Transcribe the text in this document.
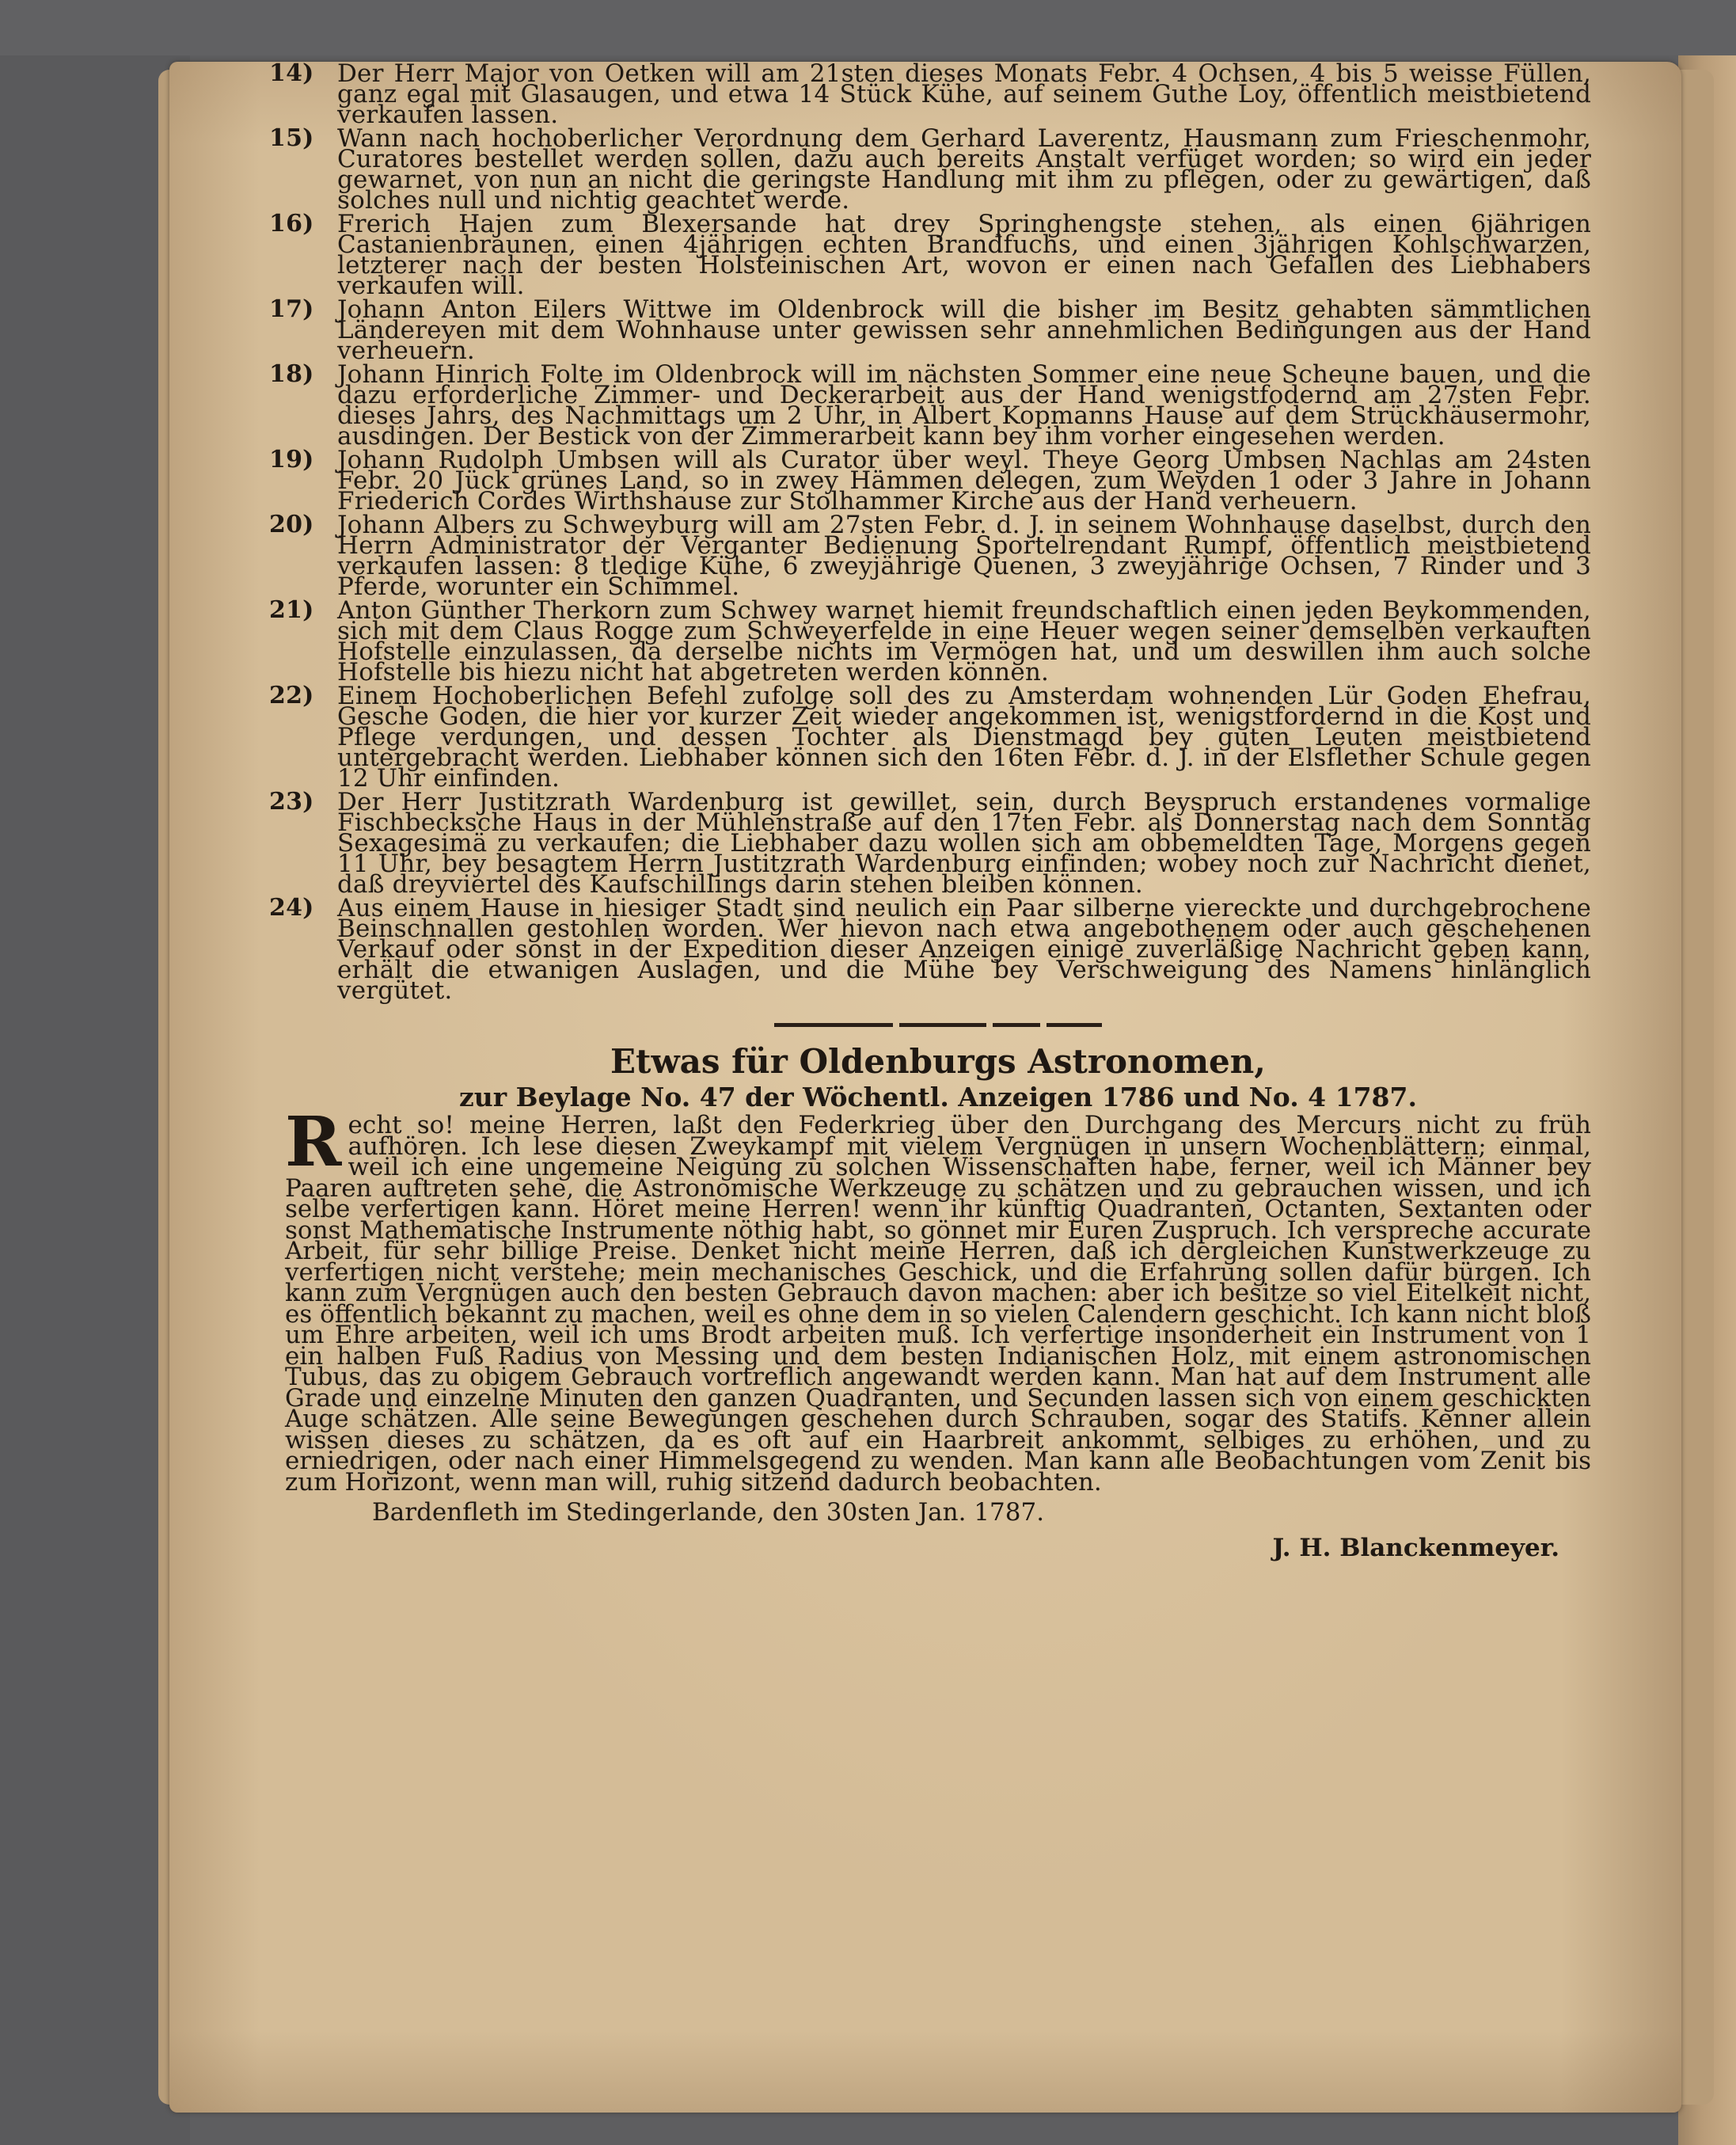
14) Der Herr Major von Oetken will am 21sten dieses Monats Febr. 4 Ochsen, 4 bis 5 weisse Füllen, ganz egal mit Glasaugen, und etwa 14 Stück Kühe, auf seinem Guthe Loy, öffentlich meistbietend verkaufen lassen.
15) Wann nach hochoberlicher Verordnung dem Gerhard Laverentz, Hausmann zum Frieschenmohr, Curatores bestellet werden sollen, dazu auch bereits Anstalt verfüget worden; so wird ein jeder gewarnet, von nun an nicht die geringste Handlung mit ihm zu pflegen, oder zu gewärtigen, daß solches null und nichtig geachtet werde.
16) Frerich Hajen zum Blexersande hat drey Springhengste stehen, als einen 6jährigen Castanienbraunen, einen 4jährigen echten Brandfuchs, und einen 3jährigen Kohlschwarzen, letzterer nach der besten Holsteinischen Art, wovon er einen nach Gefallen des Liebhabers verkaufen will.
17) Johann Anton Eilers Wittwe im Oldenbrock will die bisher im Besitz gehabten sämmtlichen Ländereyen mit dem Wohnhause unter gewissen sehr annehmlichen Bedingungen aus der Hand verheuern.
18) Johann Hinrich Folte im Oldenbrock will im nächsten Sommer eine neue Scheune bauen, und die dazu erforderliche Zimmer- und Deckerarbeit aus der Hand wenigstfodernd am 27sten Febr. dieses Jahrs, des Nachmittags um 2 Uhr, in Albert Kopmanns Hause auf dem Strückhäusermohr, ausdingen. Der Bestick von der Zimmerarbeit kann bey ihm vorher eingesehen werden.
19) Johann Rudolph Umbsen will als Curator über weyl. Theye Georg Umbsen Nachlas am 24sten Febr. 20 Jück grünes Land, so in zwey Hämmen delegen, zum Weyden 1 oder 3 Jahre in Johann Friederich Cordes Wirthshause zur Stolhammer Kirche aus der Hand verheuern.
20) Johann Albers zu Schweyburg will am 27sten Febr. d. J. in seinem Wohnhause daselbst, durch den Herrn Administrator der Verganter Bedienung Sportelrendant Rumpf, öffentlich meistbietend verkaufen lassen: 8 tledige Kühe, 6 zweyjährige Quenen, 3 zweyjährige Ochsen, 7 Rinder und 3 Pferde, worunter ein Schimmel.
21) Anton Günther Therkorn zum Schwey warnet hiemit freundschaftlich einen jeden Beykommenden, sich mit dem Claus Rogge zum Schweyerfelde in eine Heuer wegen seiner demselben verkauften Hofstelle einzulassen, da derselbe nichts im Vermögen hat, und um deswillen ihm auch solche Hofstelle bis hiezu nicht hat abgetreten werden können.
22) Einem Hochoberlichen Befehl zufolge soll des zu Amsterdam wohnenden Lür Goden Ehefrau, Gesche Goden, die hier vor kurzer Zeit wieder angekommen ist, wenigstfordernd in die Kost und Pflege verdungen, und dessen Tochter als Dienstmagd bey guten Leuten meistbietend untergebracht werden. Liebhaber können sich den 16ten Febr. d. J. in der Elsflether Schule gegen 12 Uhr einfinden.
23) Der Herr Justitzrath Wardenburg ist gewillet, sein, durch Beyspruch erstandenes vormalige Fischbecksche Haus in der Mühlenstraße auf den 17ten Febr. als Donnerstag nach dem Sonntag Sexagesimä zu verkaufen; die Liebhaber dazu wollen sich am obbemeldten Tage, Morgens gegen 11 Uhr, bey besagtem Herrn Justitzrath Wardenburg einfinden; wobey noch zur Nachricht dienet, daß dreyviertel des Kaufschillings darin stehen bleiben können.
24) Aus einem Hause in hiesiger Stadt sind neulich ein Paar silberne viereckte und durchgebrochene Beinschnallen gestohlen worden. Wer hievon nach etwa angebothenem oder auch geschehenen Verkauf oder sonst in der Expedition dieser Anzeigen einige zuverläßige Nachricht geben kann, erhält die etwanigen Auslagen, und die Mühe bey Verschweigung des Namens hinlänglich vergütet.
Etwas für Oldenburgs Astronomen,
zur Beylage No. 47 der Wöchentl. Anzeigen 1786 und No. 4 1787.
R echt so! meine Herren, laßt den Federkrieg über den Durchgang des Mercurs nicht zu früh aufhören. Ich lese diesen Zweykampf mit vielem Vergnügen in unsern Wochenblättern; einmal, weil ich eine ungemeine Neigung zu solchen Wissenschaften habe, ferner, weil ich Männer bey Paaren auftreten sehe, die Astronomische Werkzeuge zu schätzen und zu gebrauchen wissen, und ich selbe verfertigen kann. Höret meine Herren! wenn ihr künftig Quadranten, Octanten, Sextanten oder sonst Mathematische Instrumente nöthig habt, so gönnet mir Euren Zuspruch. Ich verspreche accurate Arbeit, für sehr billige Preise. Denket nicht meine Herren, daß ich dergleichen Kunstwerkzeuge zu verfertigen nicht verstehe; mein mechanisches Geschick, und die Erfahrung sollen dafür bürgen. Ich kann zum Vergnügen auch den besten Gebrauch davon machen: aber ich besitze so viel Eitelkeit nicht, es öffentlich bekannt zu machen, weil es ohne dem in so vielen Calendern geschicht. Ich kann nicht bloß um Ehre arbeiten, weil ich ums Brodt arbeiten muß. Ich verfertige insonderheit ein Instrument von 1 ein halben Fuß Radius von Messing und dem besten Indianischen Holz, mit einem astronomischen Tubus, das zu obigem Gebrauch vortreflich angewandt werden kann. Man hat auf dem Instrument alle Grade und einzelne Minuten den ganzen Quadranten, und Secunden lassen sich von einem geschickten Auge schätzen. Alle seine Bewegungen geschehen durch Schrauben, sogar des Statifs. Kenner allein wissen dieses zu schätzen, da es oft auf ein Haarbreit ankommt, selbiges zu erhöhen, und zu erniedrigen, oder nach einer Himmelsgegend zu wenden. Man kann alle Beobachtungen vom Zenit bis zum Horizont, wenn man will, ruhig sitzend dadurch beobachten.
Bardenfleth im Stedingerlande, den 30sten Jan. 1787.
J. H. Blanckenmeyer.
